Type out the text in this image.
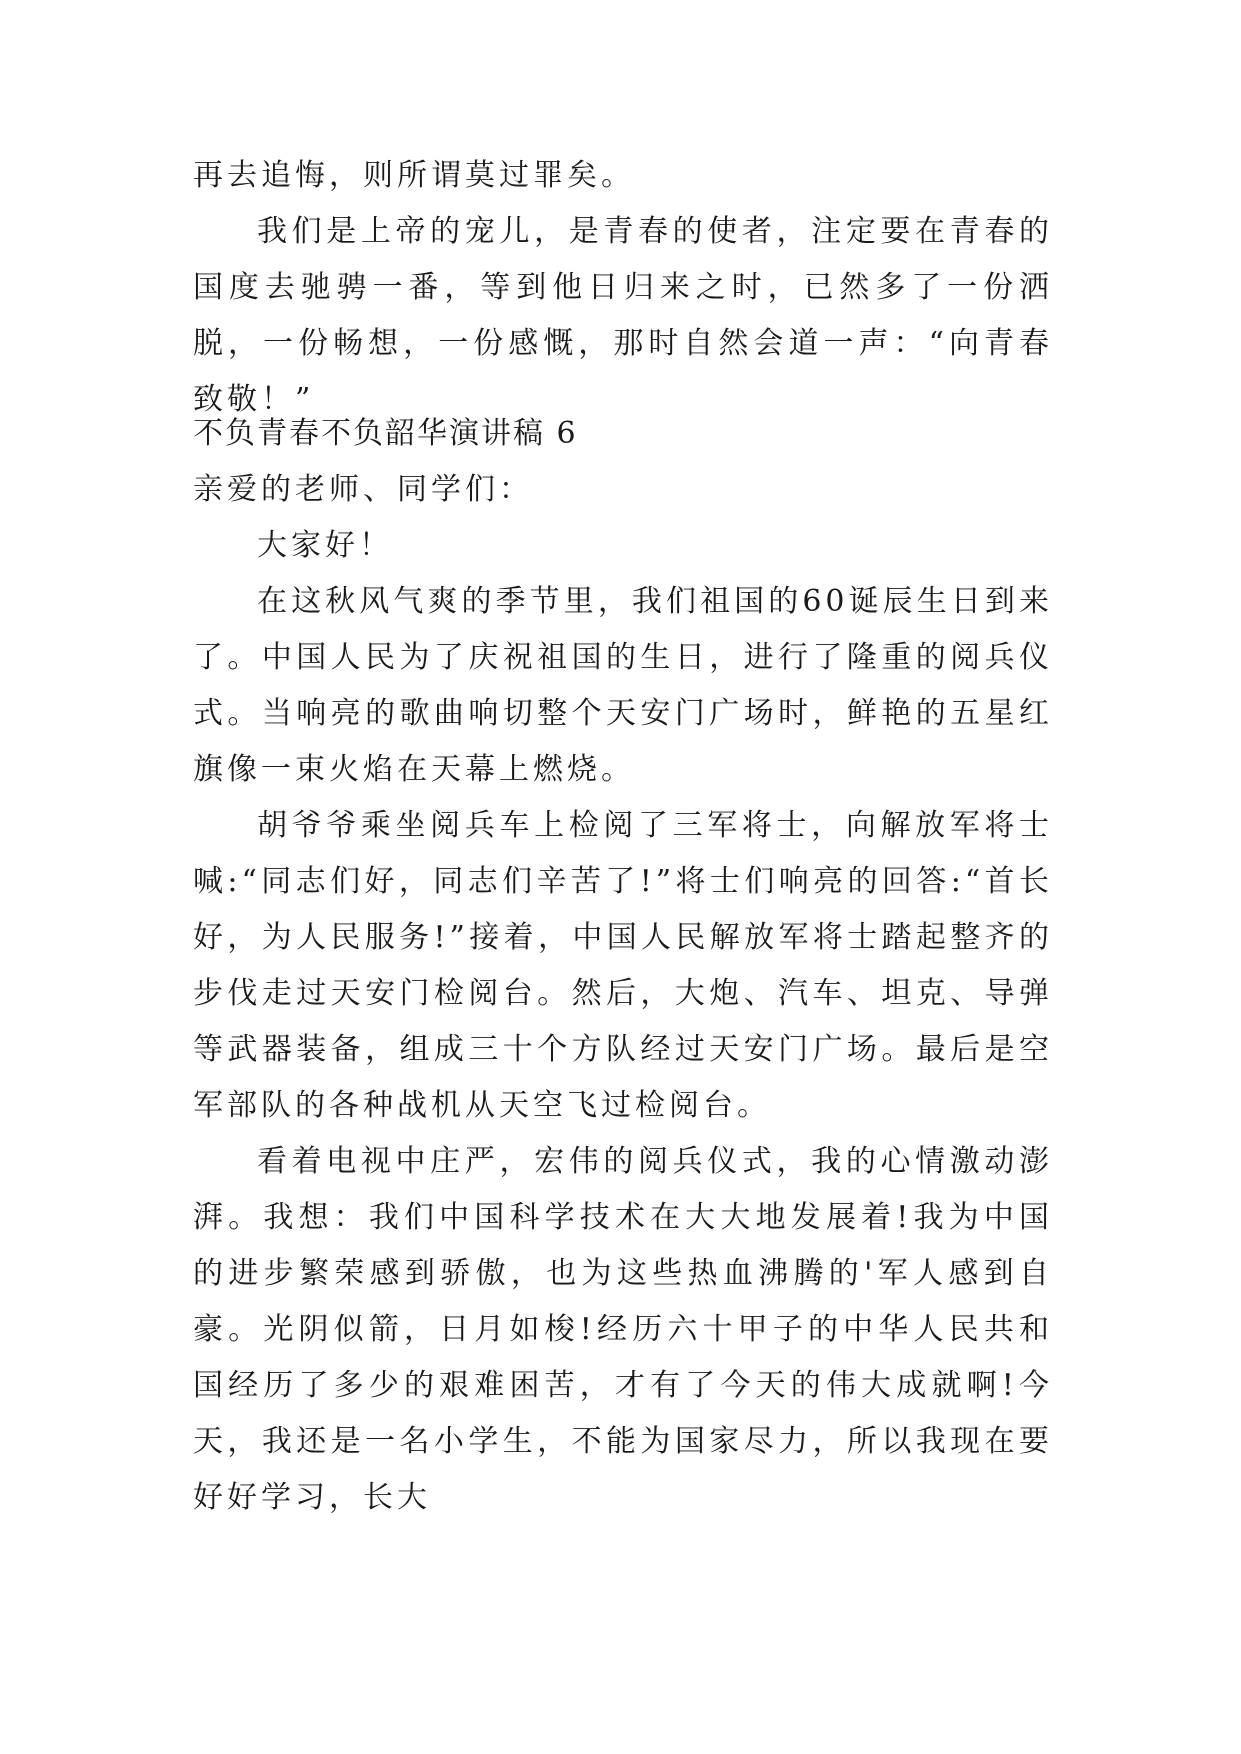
再去追悔，则所谓莫过罪矣。

我们是上帝的宠儿，是青春的使者，注定要在青春的国度去驰骋一番，等到他日归来之时，已然多了一份洒脱，一份畅想，一份感慨，那时自然会道一声：“向青春致敬！”

不负青春不负韶华演讲稿 6

亲爱的老师、同学们：

大家好！

在这秋风气爽的季节里，我们祖国的60诞辰生日到来了。中国人民为了庆祝祖国的生日，进行了隆重的阅兵仪式。当响亮的歌曲响切整个天安门广场时，鲜艳的五星红旗像一束火焰在天幕上燃烧。

胡爷爷乘坐阅兵车上检阅了三军将士，向解放军将士喊:“同志们好，同志们辛苦了!”将士们响亮的回答:“首长好，为人民服务!”接着，中国人民解放军将士踏起整齐的步伐走过天安门检阅台。然后，大炮、汽车、坦克、导弹等武器装备，组成三十个方队经过天安门广场。最后是空军部队的各种战机从天空飞过检阅台。

看着电视中庄严，宏伟的阅兵仪式，我的心情激动澎湃。我想：我们中国科学技术在大大地发展着!我为中国的进步繁荣感到骄傲，也为这些热血沸腾的'军人感到自豪。光阴似箭，日月如梭!经历六十甲子的中华人民共和国经历了多少的艰难困苦，才有了今天的伟大成就啊!今天，我还是一名小学生，不能为国家尽力，所以我现在要好好学习，长大
